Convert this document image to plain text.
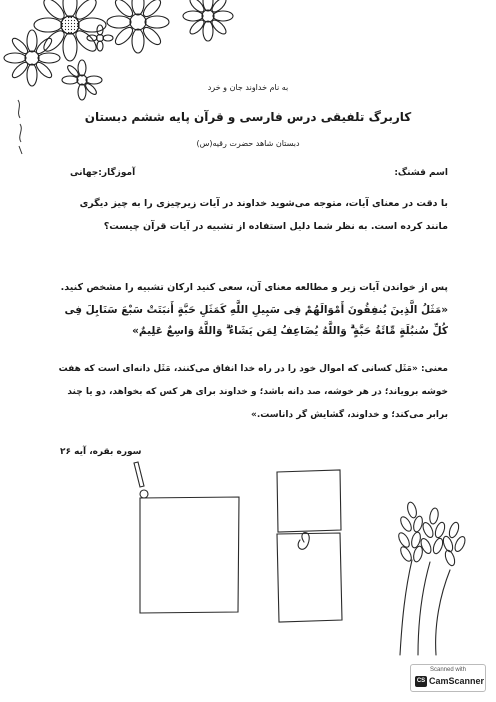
به نام خداوند جان و خرد
کاربرگ تلفیقی درس فارسی و قرآن پایه ششم دبستان
دبستان شاهد حضرت رقیه(س)
اسم قشنگ:
آموزگار:جهانی
با دقت در معنای آیات، متوجه می‌شوید خداوند در آیات زیرچیزی را به چیز دیگری مانند کرده است. به نظر شما دلیل استفاده از تشبیه در آیات قرآن چیست؟
پس از خواندن آیات زیر و مطالعه معنای آن، سعی کنید ارکان تشبیه را مشخص کنید.
«مَثَلُ الَّذِینَ یُنفِقُونَ أَمْوَالَهُمْ فِی سَبِیلِ اللَّهِ کَمَثَلِ حَبَّةٍ أَنبَتَتْ سَبْعَ سَنَابِلَ فِی کُلِّ سُنبُلَةٍ مِّائَةُ حَبَّةٍ ۗ وَاللَّهُ یُضَاعِفُ لِمَن یَشَاءُ ۗ وَاللَّهُ وَاسِعٌ عَلِیمٌ»
معنی: «مَثَل کسانی که اموال خود را در راه خدا انفاق می‌کنند، مَثَل دانه‌ای است که هفت خوشه برویاند؛ در هر خوشه، صد دانه باشد؛ و خداوند برای هر کس که بخواهد، دو یا چند برابر می‌کند؛ و خداوند، گشایش گر داناست.»
سوره بقره، آیه ۲۶
Scanned with
CS CamScanner
